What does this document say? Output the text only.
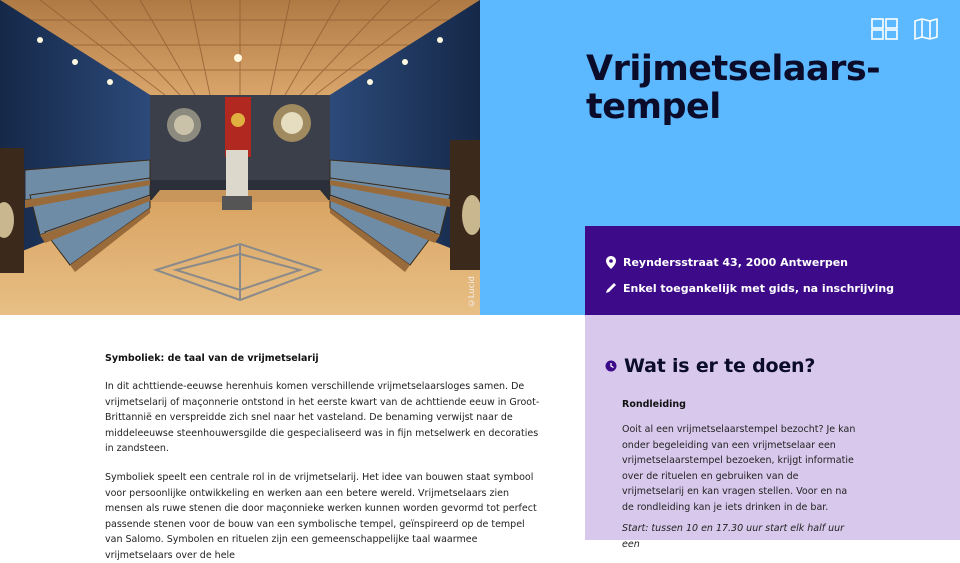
©Lucid
Vrijmetselaars-
tempel
Reyndersstraat 43, 2000 Antwerpen
Enkel toegankelijk met gids, na inschrijving
Symboliek: de taal van de vrijmetselarij

In dit achttiende-eeuwse herenhuis komen verschillende vrijmetselaarsloges samen. De vrijmetselarij of maçonnerie ontstond in het eerste kwart van de achttiende eeuw in Groot-Brittannië en verspreidde zich snel naar het vasteland. De benaming verwijst naar de middeleeuwse steenhouwersgilde die gespecialiseerd was in fijn metselwerk en decoraties in zandsteen.

Symboliek speelt een centrale rol in de vrijmetselarij. Het idee van bouwen staat symbool voor persoonlijke ontwikkeling en werken aan een betere wereld. Vrijmetselaars zien mensen als ruwe stenen die door maçonnieke werken kunnen worden gevormd tot perfect passende stenen voor de bouw van een symbolische tempel, geïnspireerd op de tempel van Salomo. Symbolen en rituelen zijn een gemeenschappelijke taal waarmee vrijmetselaars over de hele

Wat is er te doen?
Rondleiding

Ooit al een vrijmetselaarstempel bezocht? Je kan onder begeleiding van een vrijmetselaar een vrijmetselaarstempel bezoeken, krijgt informatie over de rituelen en gebruiken van de vrijmetselarij en kan vragen stellen. Voor en na de rondleiding kan je iets drinken in de bar.

Start: tussen 10 en 17.30 uur start elk half uur een
